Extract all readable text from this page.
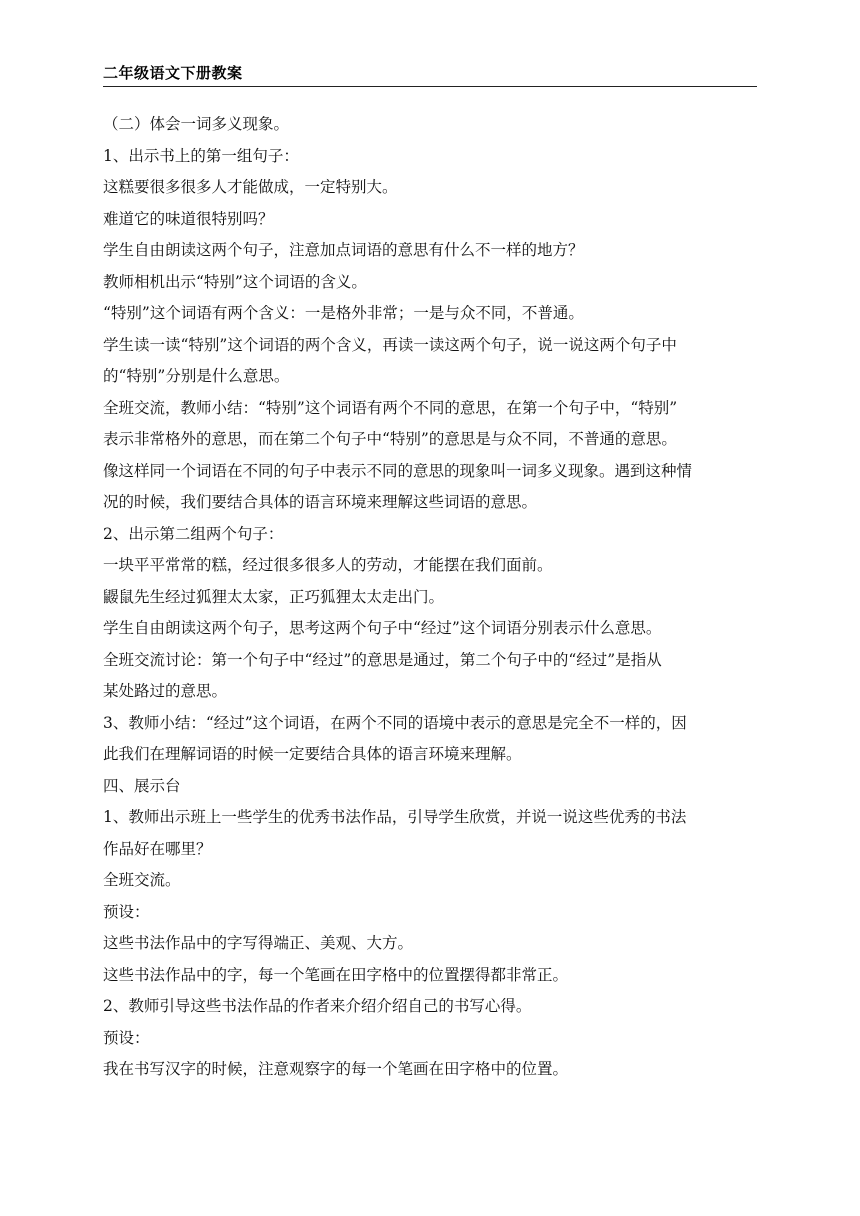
二年级语文下册教案
（二）体会一词多义现象。
1、出示书上的第一组句子：
这糕要很多很多人才能做成，一定特别大。
难道它的味道很特别吗？
学生自由朗读这两个句子，注意加点词语的意思有什么不一样的地方？
教师相机出示“特别”这个词语的含义。
“特别”这个词语有两个含义：一是格外非常；一是与众不同，不普通。
学生读一读“特别”这个词语的两个含义，再读一读这两个句子，说一说这两个句子中
的“特别”分别是什么意思。
全班交流，教师小结：“特别”这个词语有两个不同的意思，在第一个句子中，“特别”
表示非常格外的意思，而在第二个句子中“特别”的意思是与众不同，不普通的意思。
像这样同一个词语在不同的句子中表示不同的意思的现象叫一词多义现象。遇到这种情
况的时候，我们要结合具体的语言环境来理解这些词语的意思。
2、出示第二组两个句子：
一块平平常常的糕，经过很多很多人的劳动，才能摆在我们面前。
鼹鼠先生经过狐狸太太家，正巧狐狸太太走出门。
学生自由朗读这两个句子，思考这两个句子中“经过”这个词语分别表示什么意思。
全班交流讨论：第一个句子中“经过”的意思是通过，第二个句子中的“经过”是指从
某处路过的意思。
3、教师小结：“经过”这个词语，在两个不同的语境中表示的意思是完全不一样的，因
此我们在理解词语的时候一定要结合具体的语言环境来理解。
四、展示台
1、教师出示班上一些学生的优秀书法作品，引导学生欣赏，并说一说这些优秀的书法
作品好在哪里？
全班交流。
预设：
这些书法作品中的字写得端正、美观、大方。
这些书法作品中的字，每一个笔画在田字格中的位置摆得都非常正。
2、教师引导这些书法作品的作者来介绍介绍自己的书写心得。
预设：
我在书写汉字的时候，注意观察字的每一个笔画在田字格中的位置。
